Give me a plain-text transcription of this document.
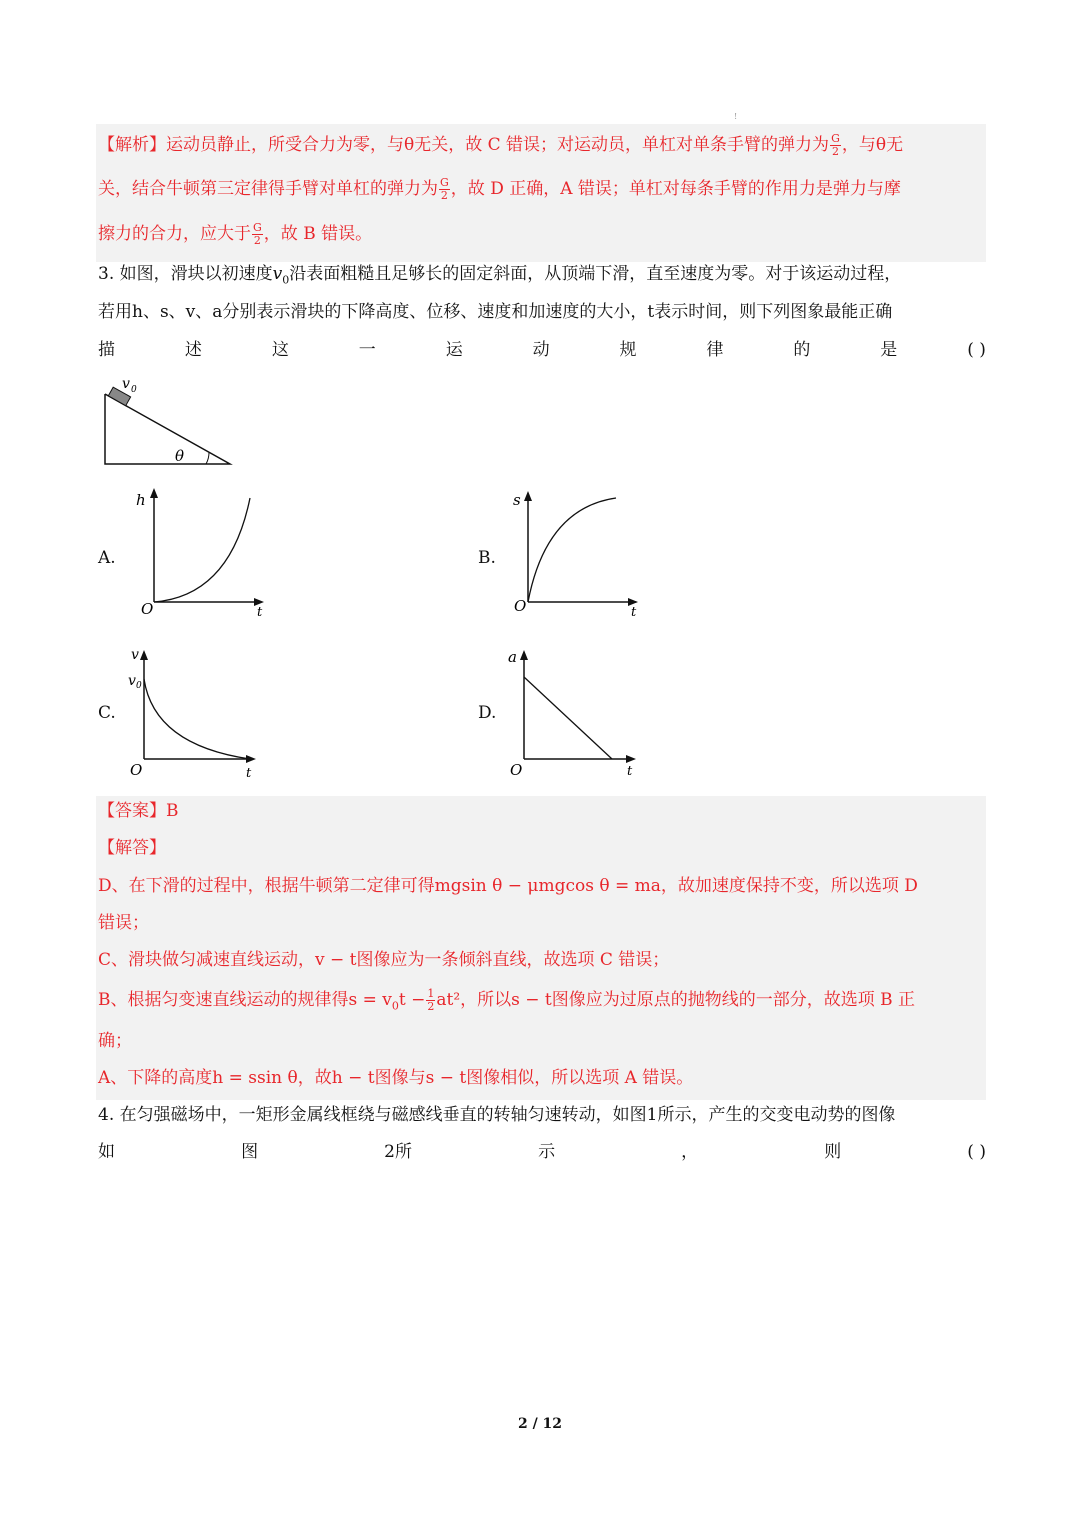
!
【解析】运动员静止，所受合力为零，与θ无关，故 C 错误；对运动员，单杠对单条手臂的弹力为 $\frac{G}{2}$ ，与θ无
关，结合牛顿第三定律得手臂对单杠的弹力为 $\frac{G}{2}$ ，故 D 正确，A 错误；单杠对每条手臂的作用力是弹力与摩
擦力的合力，应大于 $\frac{G}{2}$ ，故 B 错误。
3. 如图，滑块以初速度$v_0$沿表面粗糙且足够长的固定斜面，从顶端下滑，直至速度为零。对于该运动过程，
若用h、s、v、a分别表示滑块的下降高度、位移、速度和加速度的大小，t表示时间，则下列图象最能正确
描	述	这	一	运	动	规	律	的	是	( )
v 0
θ
A.
h
O	t
B.
s
O	t
C.
v
v 0
O	t
D.
a
O	t
【答案】B
【解答】
D、在下滑的过程中，根据牛顿第二定律可得mgsin θ − μmgcos θ = ma，故加速度保持不变，所以选项 D
错误；
C、滑块做匀减速直线运动，v − t图像应为一条倾斜直线，故选项 C 错误；
B、根据匀变速直线运动的规律得$s = v_0t - \frac{1}{2} at^2$，所以s − t图像应为过原点的抛物线的一部分，故选项 B 正
确；
A、下降的高度h = ssin θ，故h − t图像与s − t图像相似，所以选项 A 错误。
4. 在匀强磁场中，一矩形金属线框绕与磁感线垂直的转轴匀速转动，如图1所示，产生的交变电动势的图像
如	图	2所	示	，	则	( )
2 / 12
